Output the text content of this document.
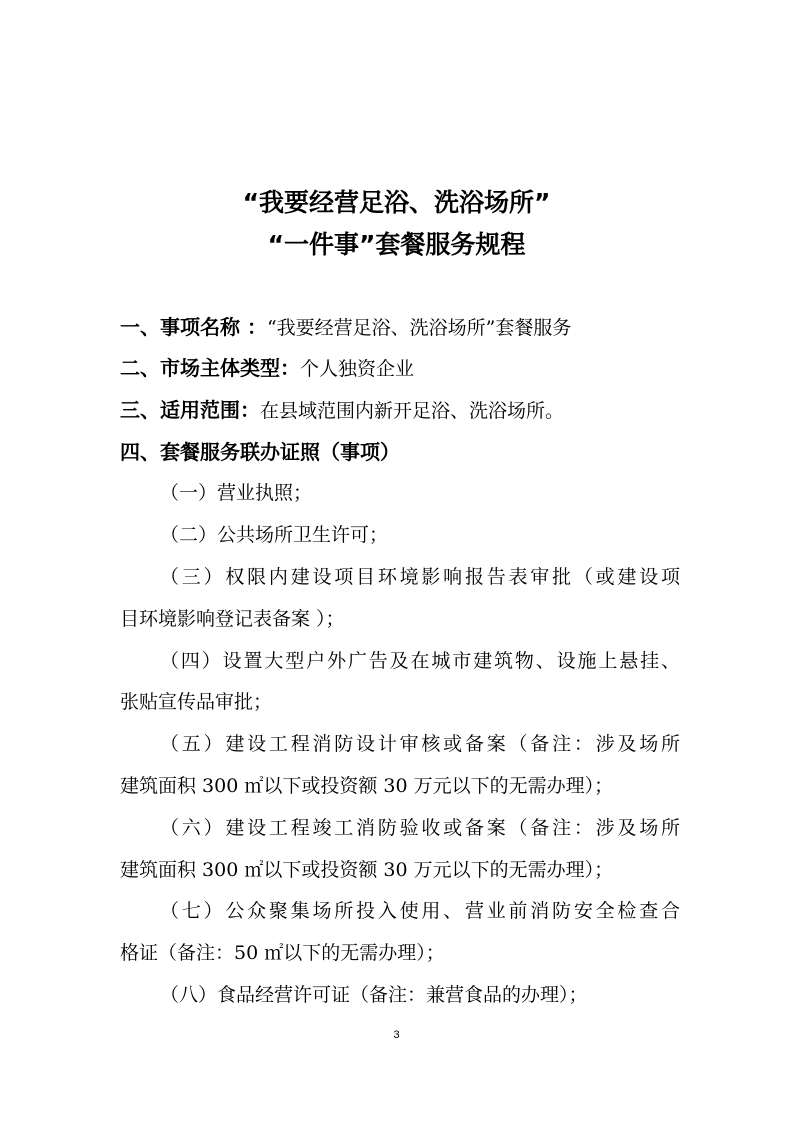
“我要经营足浴、洗浴场所”
“一件事”套餐服务规程
一、事项名称 ：“我要经营足浴、洗浴场所”套餐服务
二、市场主体类型：个人独资企业
三、适用范围：在县域范围内新开足浴、洗浴场所。
四、套餐服务联办证照（事项）
（一）营业执照；
（二）公共场所卫生许可；
（三）权限内建设项目环境影响报告表审批（或建设项
目环境影响登记表备案 ）；
（四）设置大型户外广告及在城市建筑物、设施上悬挂、
张贴宣传品审批；
（五）建设工程消防设计审核或备案（备注：涉及场所
建筑面积 300 ㎡以下或投资额 30 万元以下的无需办理）；
（六）建设工程竣工消防验收或备案（备注：涉及场所
建筑面积 300 ㎡以下或投资额 30 万元以下的无需办理）；
（七）公众聚集场所投入使用、营业前消防安全检查合
格证（备注：50 ㎡以下的无需办理）；
（八）食品经营许可证（备注：兼营食品的办理）；
3
